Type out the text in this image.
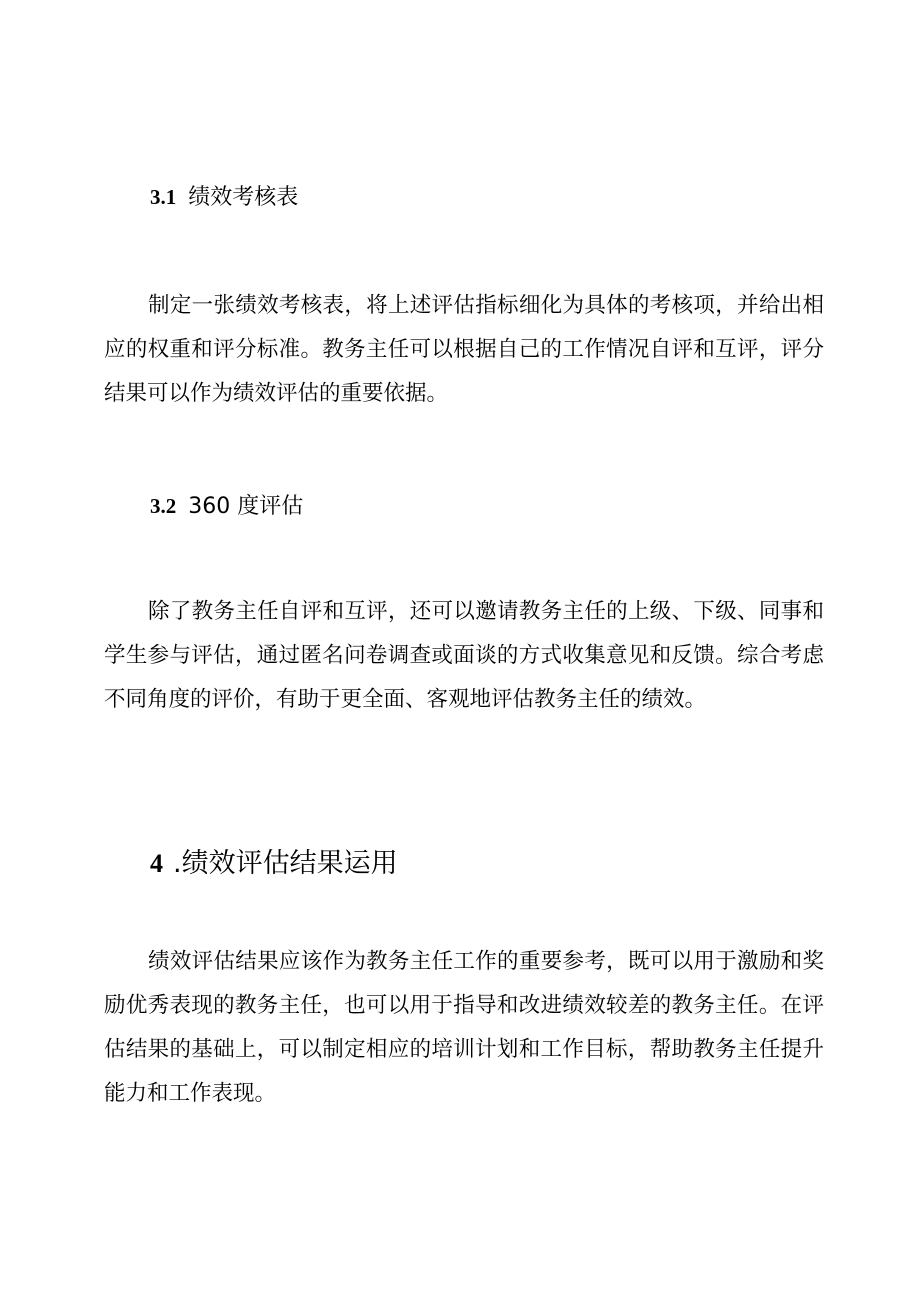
3.1 绩效考核表

制定一张绩效考核表，将上述评估指标细化为具体的考核项，并给出相应的权重和评分标准。教务主任可以根据自己的工作情况自评和互评，评分结果可以作为绩效评估的重要依据。

3.2 360 度评估

除了教务主任自评和互评，还可以邀请教务主任的上级、下级、同事和学生参与评估，通过匿名问卷调查或面谈的方式收集意见和反馈。综合考虑不同角度的评价，有助于更全面、客观地评估教务主任的绩效。

4 .绩效评估结果运用

绩效评估结果应该作为教务主任工作的重要参考，既可以用于激励和奖励优秀表现的教务主任，也可以用于指导和改进绩效较差的教务主任。在评估结果的基础上，可以制定相应的培训计划和工作目标，帮助教务主任提升能力和工作表现。
